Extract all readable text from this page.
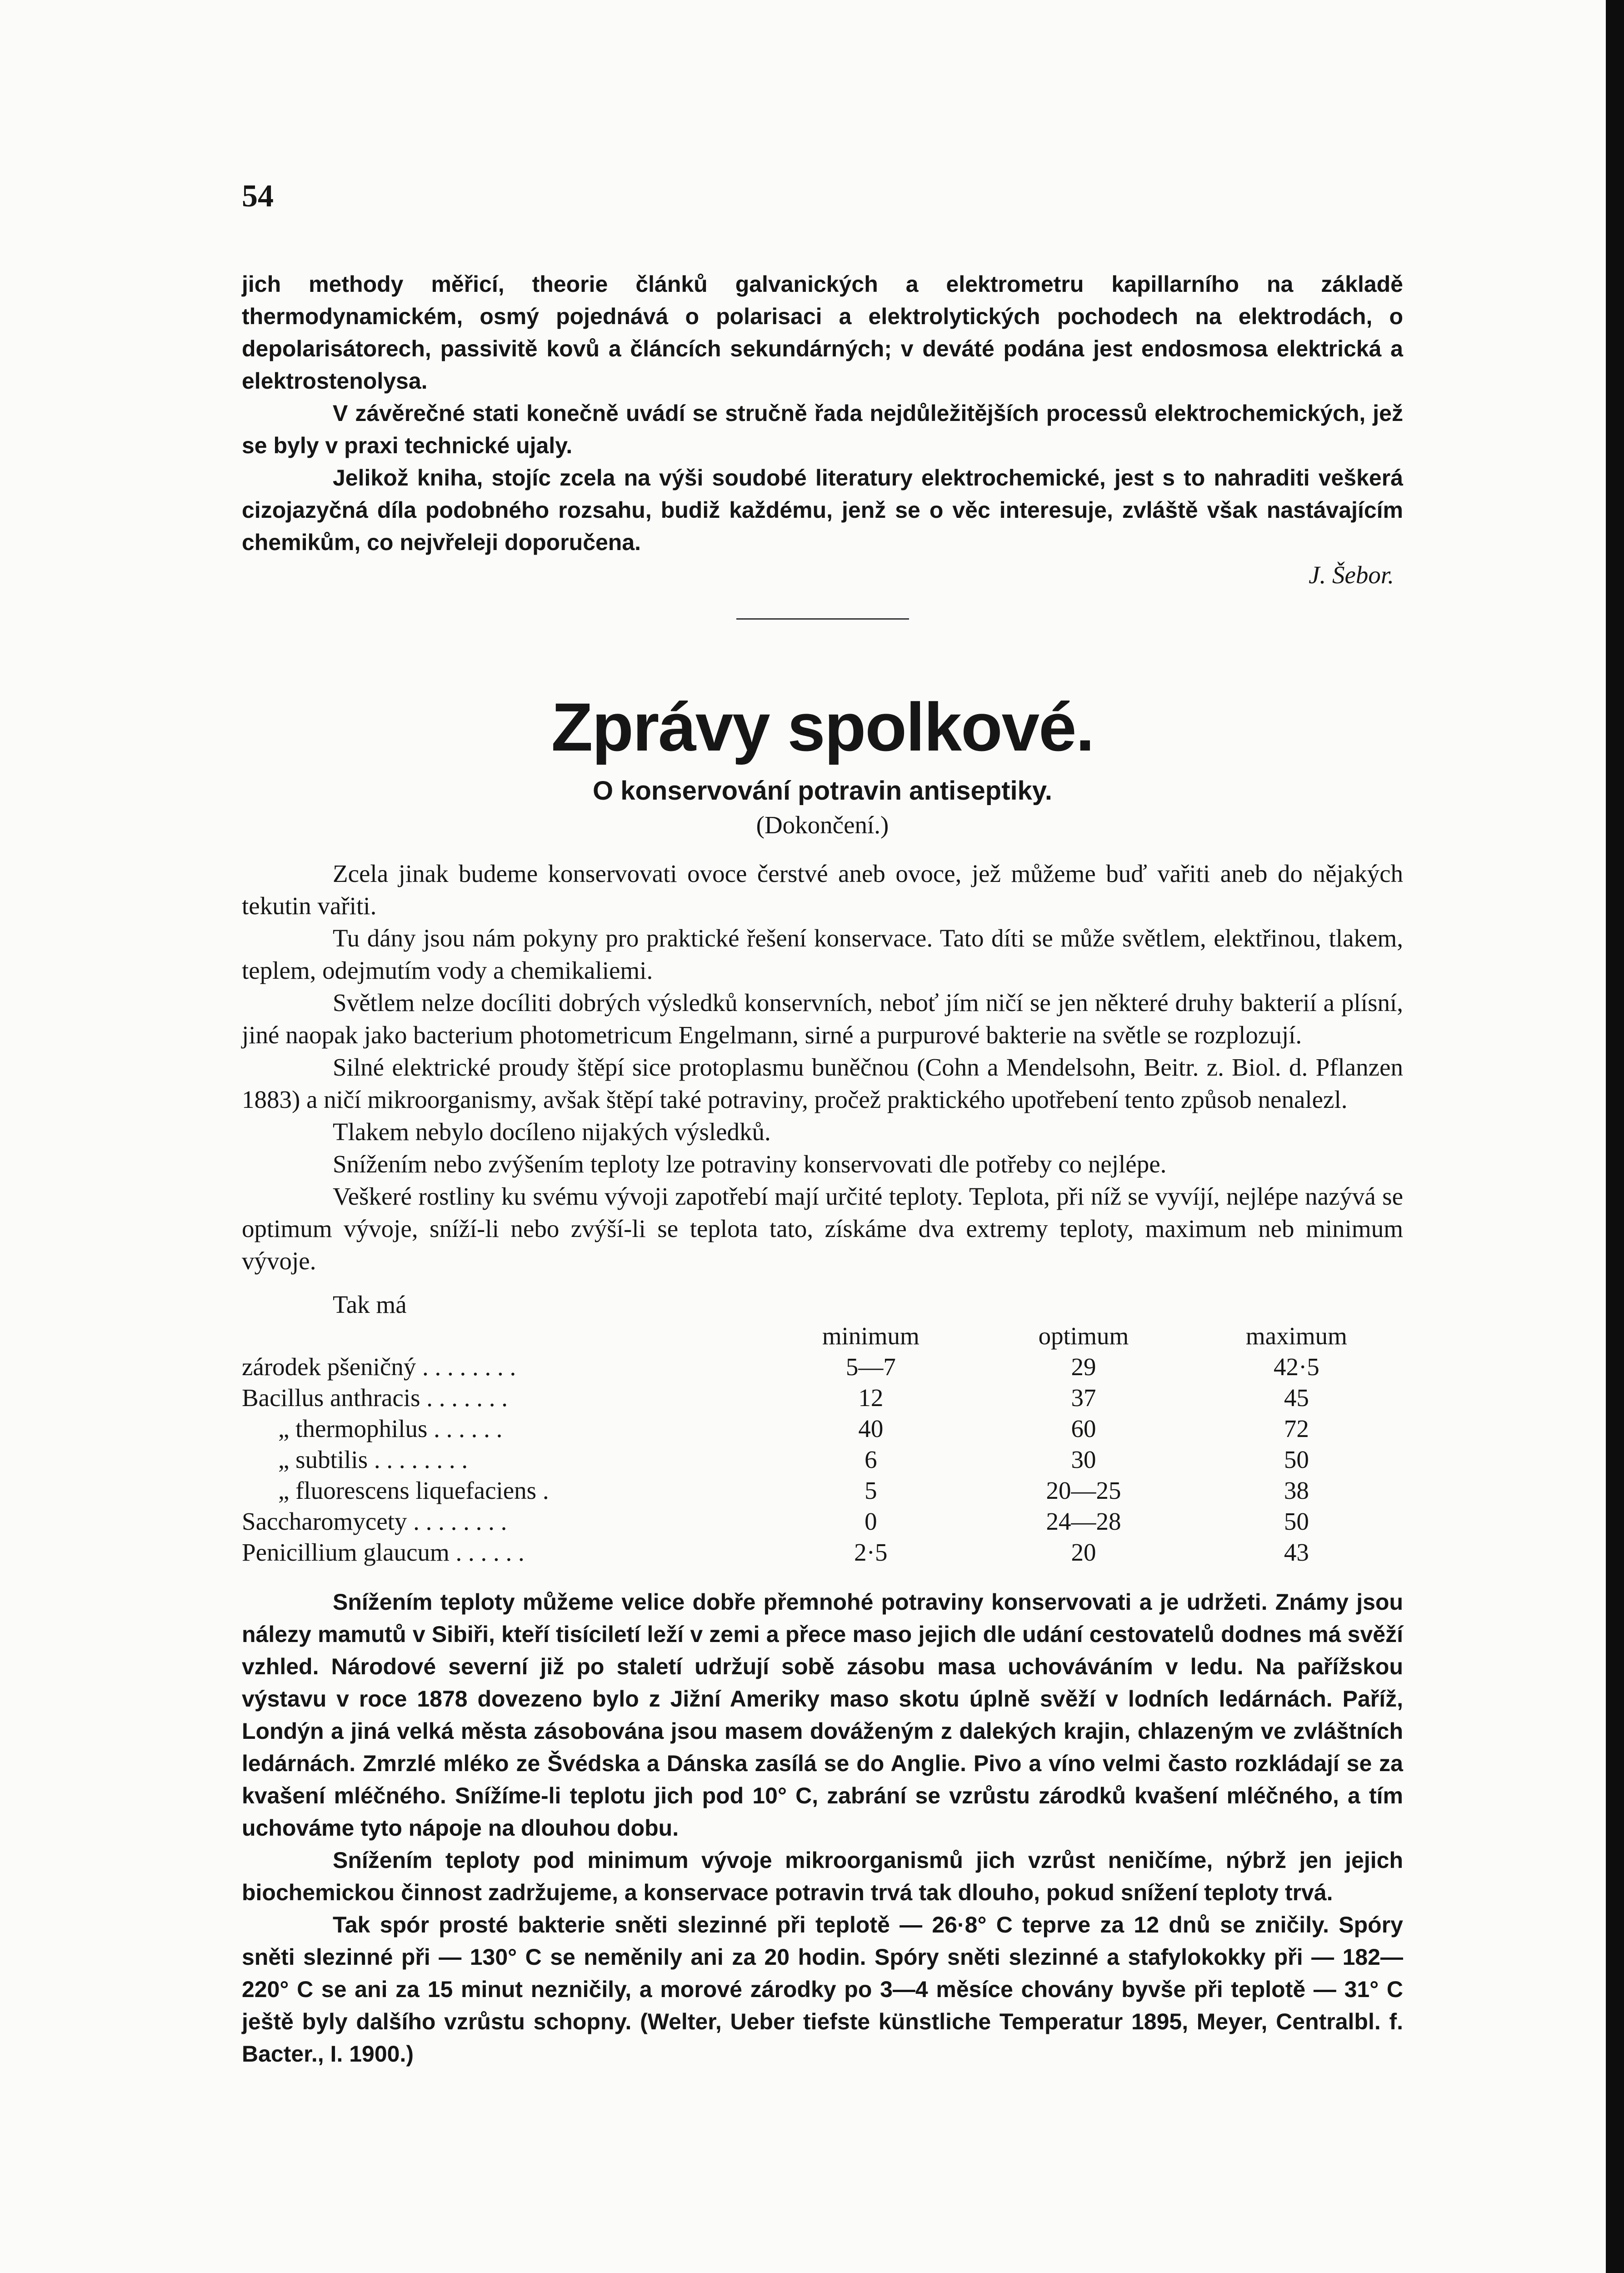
54

jich methody měřicí, theorie článků galvanických a elektrometru kapillarního na základě thermodynamickém, osmý pojednává o polarisaci a elektrolytických pochodech na elektrodách, o depolarisátorech, passivitě kovů a článcích sekundárných; v deváté podána jest endosmosa elektrická a elektrostenolysa.

V závěrečné stati konečně uvádí se stručně řada nejdůležitějších processů elektrochemických, jež se byly v praxi technické ujaly.

Jelikož kniha, stojíc zcela na výši soudobé literatury elektrochemické, jest s to nahraditi veškerá cizojazyčná díla podobného rozsahu, budiž každému, jenž se o věc interesuje, zvláště však nastávajícím chemikům, co nejvřeleji doporučena.

J. Šebor.
Zprávy spolkové.
O konservování potravin antiseptiky.
(Dokončení.)

Zcela jinak budeme konservovati ovoce čerstvé aneb ovoce, jež můžeme buď vařiti aneb do nějakých tekutin vařiti.

Tu dány jsou nám pokyny pro praktické řešení konservace. Tato díti se může světlem, elektřinou, tlakem, teplem, odejmutím vody a chemikaliemi.

Světlem nelze docíliti dobrých výsledků konservních, neboť jím ničí se jen některé druhy bakterií a plísní, jiné naopak jako bacterium photometricum Engelmann, sirné a purpurové bakterie na světle se rozplozují.

Silné elektrické proudy štěpí sice protoplasmu buněčnou (Cohn a Mendelsohn, Beitr. z. Biol. d. Pflanzen 1883) a ničí mikroorganismy, avšak štěpí také potraviny, pročež praktického upotřebení tento způsob nenalezl.

Tlakem nebylo docíleno nijakých výsledků.

Snížením nebo zvýšením teploty lze potraviny konservovati dle potřeby co nejlépe.

Veškeré rostliny ku svému vývoji zapotřebí mají určité teploty. Teplota, při níž se vyvíjí, nejlépe nazývá se optimum vývoje, sníží-li nebo zvýší-li se teplota tato, získáme dva extremy teploty, maximum neb minimum vývoje.

Tak má
	minimum	optimum	maximum
zárodek pšeničný . . . . . . . .	5—7	29	42·5
Bacillus anthracis . . . . . . .	12	37	45
„ thermophilus . . . . . .	40	60	72
„ subtilis . . . . . . . .	6	30	50
„ fluorescens liquefaciens .	5	20—25	38
Saccharomycety . . . . . . . .	0	24—28	50
Penicillium glaucum . . . . . .	2·5	20	43

Snížením teploty můžeme velice dobře přemnohé potraviny konservovati a je udržeti. Známy jsou nálezy mamutů v Sibiři, kteří tisíciletí leží v zemi a přece maso jejich dle udání cestovatelů dodnes má svěží vzhled. Národové severní již po staletí udržují sobě zásobu masa uchováváním v ledu. Na pařížskou výstavu v roce 1878 dovezeno bylo z Jižní Ameriky maso skotu úplně svěží v lodních ledárnách. Paříž, Londýn a jiná velká města zásobována jsou masem dováženým z dalekých krajin, chlazeným ve zvláštních ledárnách. Zmrzlé mléko ze Švédska a Dánska zasílá se do Anglie. Pivo a víno velmi často rozkládají se za kvašení mléčného. Snížíme-li teplotu jich pod 10° C, zabrání se vzrůstu zárodků kvašení mléčného, a tím uchováme tyto nápoje na dlouhou dobu.

Snížením teploty pod minimum vývoje mikroorganismů jich vzrůst neničíme, nýbrž jen jejich biochemickou činnost zadržujeme, a konservace potravin trvá tak dlouho, pokud snížení teploty trvá.

Tak spór prosté bakterie sněti slezinné při teplotě — 26·8° C teprve za 12 dnů se zničily. Spóry sněti slezinné při — 130° C se neměnily ani za 20 hodin. Spóry sněti slezinné a stafylokokky při — 182—220° C se ani za 15 minut nezničily, a morové zárodky po 3—4 měsíce chovány byvše při teplotě — 31° C ještě byly dalšího vzrůstu schopny. (Welter, Ueber tiefste künstliche Temperatur 1895, Meyer, Centralbl. f. Bacter., I. 1900.)
